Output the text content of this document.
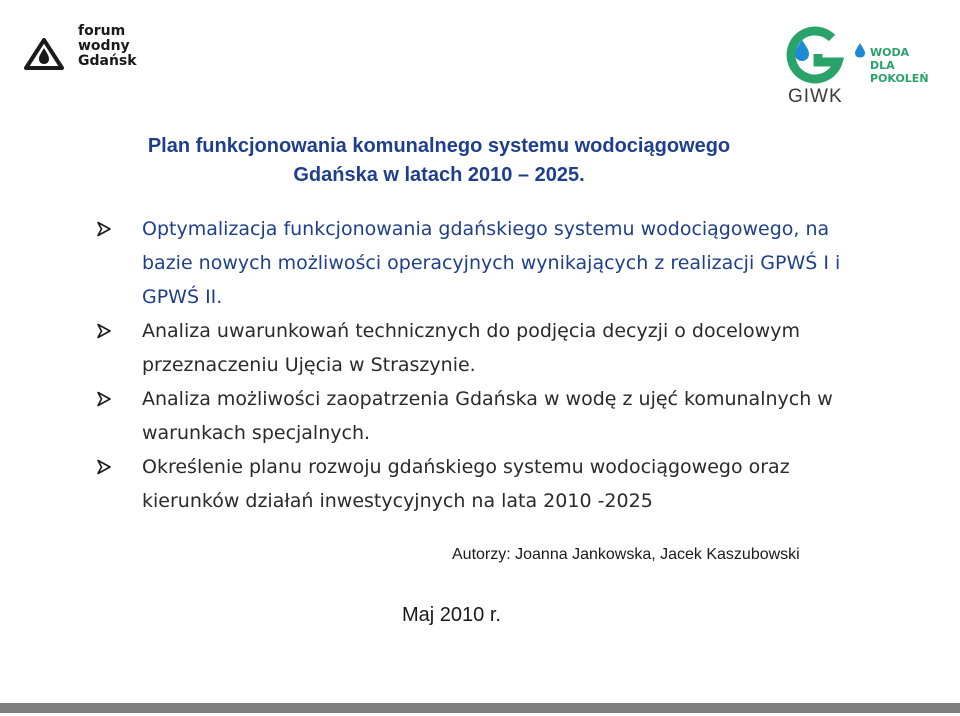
forum
wodny
Gdańsk
GIWK
WODA
DLA
POKOLEŃ
Plan funkcjonowania komunalnego systemu wodociągowego
Gdańska w latach 2010 – 2025.
Optymalizacja funkcjonowania gdańskiego systemu wodociągowego, na bazie nowych możliwości operacyjnych wynikających z realizacji GPWŚ I i GPWŚ II.
Analiza uwarunkowań technicznych do podjęcia decyzji o docelowym przeznaczeniu Ujęcia w Straszynie.
Analiza możliwości zaopatrzenia Gdańska w wodę z ujęć komunalnych w warunkach specjalnych.
Określenie planu rozwoju gdańskiego systemu wodociągowego oraz kierunków działań inwestycyjnych na lata 2010 -2025
Autorzy: Joanna Jankowska, Jacek Kaszubowski
Maj 2010 r.
